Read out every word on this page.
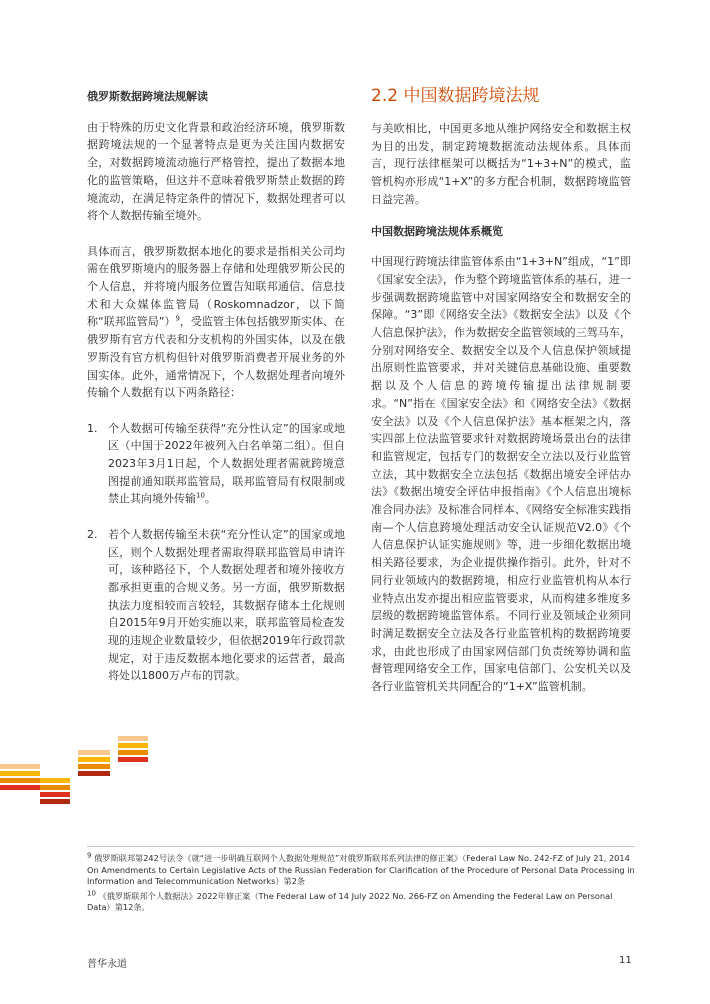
俄罗斯数据跨境法规解读

由于特殊的历史文化背景和政治经济环境，俄罗斯数据跨境法规的一个显著特点是更为关注国内数据安全，对数据跨境流动施行严格管控，提出了数据本地化的监管策略，但这并不意味着俄罗斯禁止数据的跨境流动，在满足特定条件的情况下，数据处理者可以将个人数据传输至境外。

具体而言，俄罗斯数据本地化的要求是指相关公司均需在俄罗斯境内的服务器上存储和处理俄罗斯公民的个人信息，并将境内服务位置告知联邦通信、信息技术和大众媒体监管局（Roskomnadzor，以下简称“联邦监管局”）$^9$，受监管主体包括俄罗斯实体、在俄罗斯有官方代表和分支机构的外国实体，以及在俄罗斯没有官方机构但针对俄罗斯消费者开展业务的外国实体。此外，通常情况下，个人数据处理者向境外传输个人数据有以下两条路径：

1. 个人数据可传输至获得“充分性认定”的国家或地区（中国于2022年被列入白名单第二组）。但自2023年3月1日起，个人数据处理者需就跨境意图提前通知联邦监管局，联邦监管局有权限制或禁止其向境外传输$^{10}$。
2. 若个人数据传输至未获“充分性认定”的国家或地区，则个人数据处理者需取得联邦监管局申请许可，该种路径下，个人数据处理者和境外接收方都承担更重的合规义务。另一方面，俄罗斯数据执法力度相较而言较轻，其数据存储本土化规则自2015年9月开始实施以来，联邦监管局检查发现的违规企业数量较少，但依据2019年行政罚款规定，对于违反数据本地化要求的运营者，最高将处以1800万卢布的罚款。
2.2 中国数据跨境法规

与美欧相比，中国更多地从维护网络安全和数据主权为目的出发，制定跨境数据流动法规体系。具体而言，现行法律框架可以概括为“1+3+N”的模式，监管机构亦形成“1+X”的多方配合机制，数据跨境监管日益完善。

中国数据跨境法规体系概览

中国现行跨境法律监管体系由“1+3+N”组成，“1”即《国家安全法》，作为整个跨境监管体系的基石，进一步强调数据跨境监管中对国家网络安全和数据安全的保障。“3”即《网络安全法》《数据安全法》以及《个人信息保护法》，作为数据安全监管领域的三驾马车，分别对网络安全、数据安全以及个人信息保护领域提出原则性监管要求，并对关键信息基础设施、重要数据以及个人信息的跨境传输提出法律规制要求。“N”指在《国家安全法》和《网络安全法》《数据安全法》以及《个人信息保护法》基本框架之内，落实四部上位法监管要求针对数据跨境场景出台的法律和监管规定，包括专门的数据安全立法以及行业监管立法，其中数据安全立法包括《数据出境安全评估办法》《数据出境安全评估申报指南》《个人信息出境标准合同办法》及标准合同样本、《网络安全标准实践指南—个人信息跨境处理活动安全认证规范V2.0》《个人信息保护认证实施规则》等，进一步细化数据出境相关路径要求，为企业提供操作指引。此外，针对不同行业领域内的数据跨境，相应行业监管机构从本行业特点出发亦提出相应监管要求，从而构建多维度多层级的数据跨境监管体系。不同行业及领域企业须同时满足数据安全立法及各行业监管机构的数据跨境要求，由此也形成了由国家网信部门负责统筹协调和监督管理网络安全工作，国家电信部门、公安机关以及各行业监管机关共同配合的“1+X”监管机制。

$^9$ 俄罗斯联邦第242号法令《就“进一步明确互联网个人数据处理规范”对俄罗斯联邦系列法律的修正案》（Federal Law No. 242-FZ of July 21, 2014 On Amendments to Certain Legislative Acts of the Russian Federation for Clarification of the Procedure of Personal Data Processing in Information and Telecommunication Networks）第2条

$^{10}$ 《俄罗斯联邦个人数据法》2022年修正案（The Federal Law of 14 July 2022 No. 266-FZ on Amending the Federal Law on Personal Data）第12条。

普华永道	11
